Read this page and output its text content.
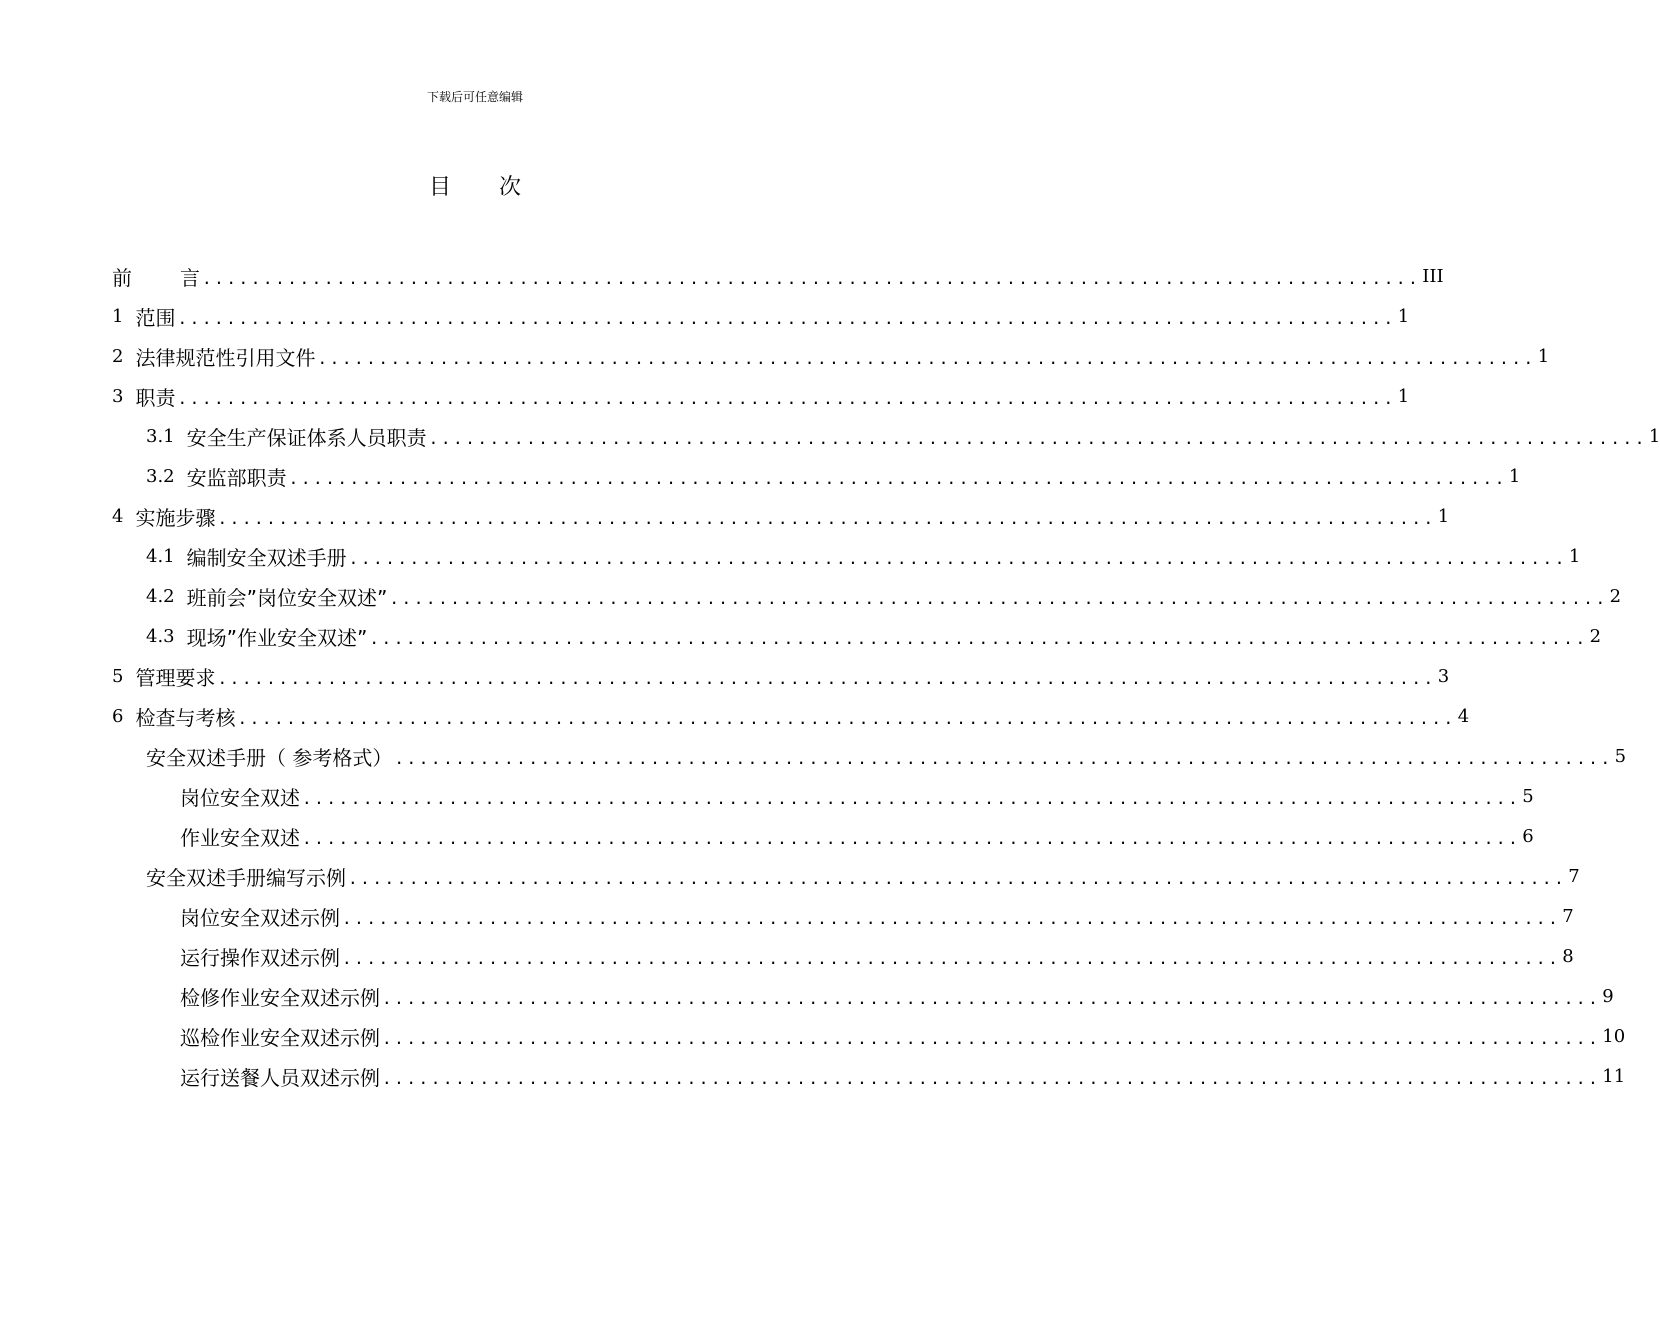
下载后可任意编辑
目 次
前 言 .................................................................................................... III
1 范围 .................................................................................................... 1
2 法律规范性引用文件 .................................................................................................... 1
3 职责 .................................................................................................... 1
3.1 安全生产保证体系人员职责 .................................................................................................... 1
3.2 安监部职责 .................................................................................................... 1
4 实施步骤 .................................................................................................... 1
4.1 编制安全双述手册 .................................................................................................... 1
4.2 班前会”岗位安全双述” .................................................................................................... 2
4.3 现场”作业安全双述” .................................................................................................... 2
5 管理要求 .................................................................................................... 3
6 检查与考核 .................................................................................................... 4
安全双述手册（ 参考格式） .................................................................................................... 5
岗位安全双述 .................................................................................................... 5
作业安全双述 .................................................................................................... 6
安全双述手册编写示例 .................................................................................................... 7
岗位安全双述示例 .................................................................................................... 7
运行操作双述示例 .................................................................................................... 8
检修作业安全双述示例 .................................................................................................... 9
巡检作业安全双述示例 .................................................................................................... 10
运行送餐人员双述示例 .................................................................................................... 11
